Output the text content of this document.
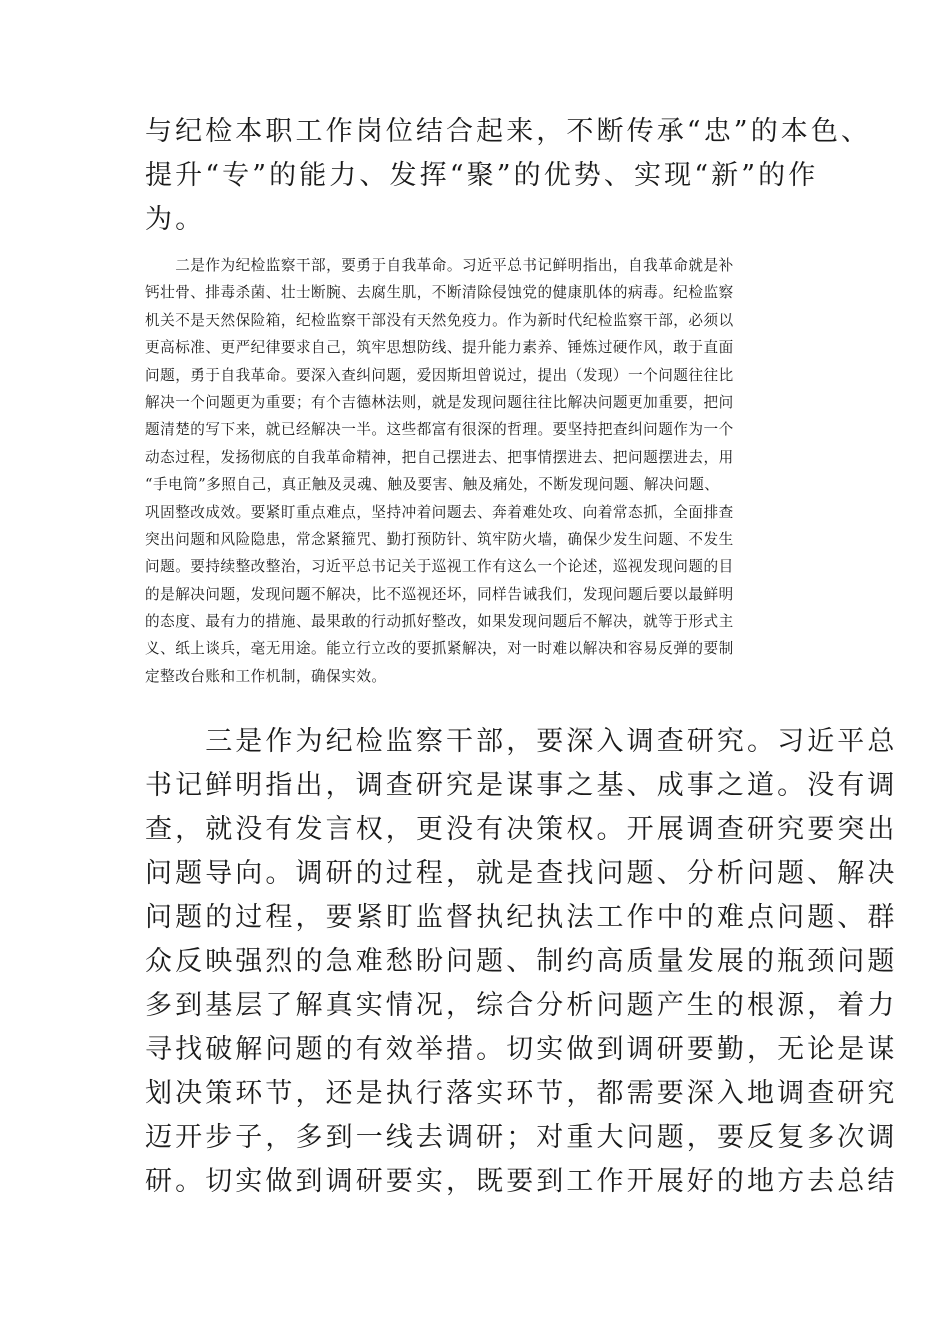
与纪检本职工作岗位结合起来，不断传承“忠”的本色、
提升“专”的能力、发挥“聚”的优势、实现“新”的作
为。
　　二是作为纪检监察干部，要勇于自我革命。习近平总书记鲜明指出，自我革命就是补
钙壮骨、排毒杀菌、壮士断腕、去腐生肌，不断清除侵蚀党的健康肌体的病毒。纪检监察
机关不是天然保险箱，纪检监察干部没有天然免疫力。作为新时代纪检监察干部，必须以
更高标准、更严纪律要求自己，筑牢思想防线、提升能力素养、锤炼过硬作风，敢于直面
问题，勇于自我革命。要深入查纠问题，爱因斯坦曾说过，提出（发现）一个问题往往比
解决一个问题更为重要；有个吉德林法则，就是发现问题往往比解决问题更加重要，把问
题清楚的写下来，就已经解决一半。这些都富有很深的哲理。要坚持把查纠问题作为一个
动态过程，发扬彻底的自我革命精神，把自己摆进去、把事情摆进去、把问题摆进去，用
“手电筒”多照自己，真正触及灵魂、触及要害、触及痛处，不断发现问题、解决问题、
巩固整改成效。要紧盯重点难点，坚持冲着问题去、奔着难处攻、向着常态抓，全面排查
突出问题和风险隐患，常念紧箍咒、勤打预防针、筑牢防火墙，确保少发生问题、不发生
问题。要持续整改整治，习近平总书记关于巡视工作有这么一个论述，巡视发现问题的目
的是解决问题，发现问题不解决，比不巡视还坏，同样告诫我们，发现问题后要以最鲜明
的态度、最有力的措施、最果敢的行动抓好整改，如果发现问题后不解决，就等于形式主
义、纸上谈兵，毫无用途。能立行立改的要抓紧解决，对一时难以解决和容易反弹的要制
定整改台账和工作机制，确保实效。
　　三是作为纪检监察干部，要深入调查研究。习近平总
书记鲜明指出，调查研究是谋事之基、成事之道。没有调
查，就没有发言权，更没有决策权。开展调查研究要突出
问题导向。调研的过程，就是查找问题、分析问题、解决
问题的过程，要紧盯监督执纪执法工作中的难点问题、群
众反映强烈的急难愁盼问题、制约高质量发展的瓶颈问题
多到基层了解真实情况，综合分析问题产生的根源，着力
寻找破解问题的有效举措。切实做到调研要勤，无论是谋
划决策环节，还是执行落实环节，都需要深入地调查研究
迈开步子，多到一线去调研；对重大问题，要反复多次调
研。切实做到调研要实，既要到工作开展好的地方去总结
